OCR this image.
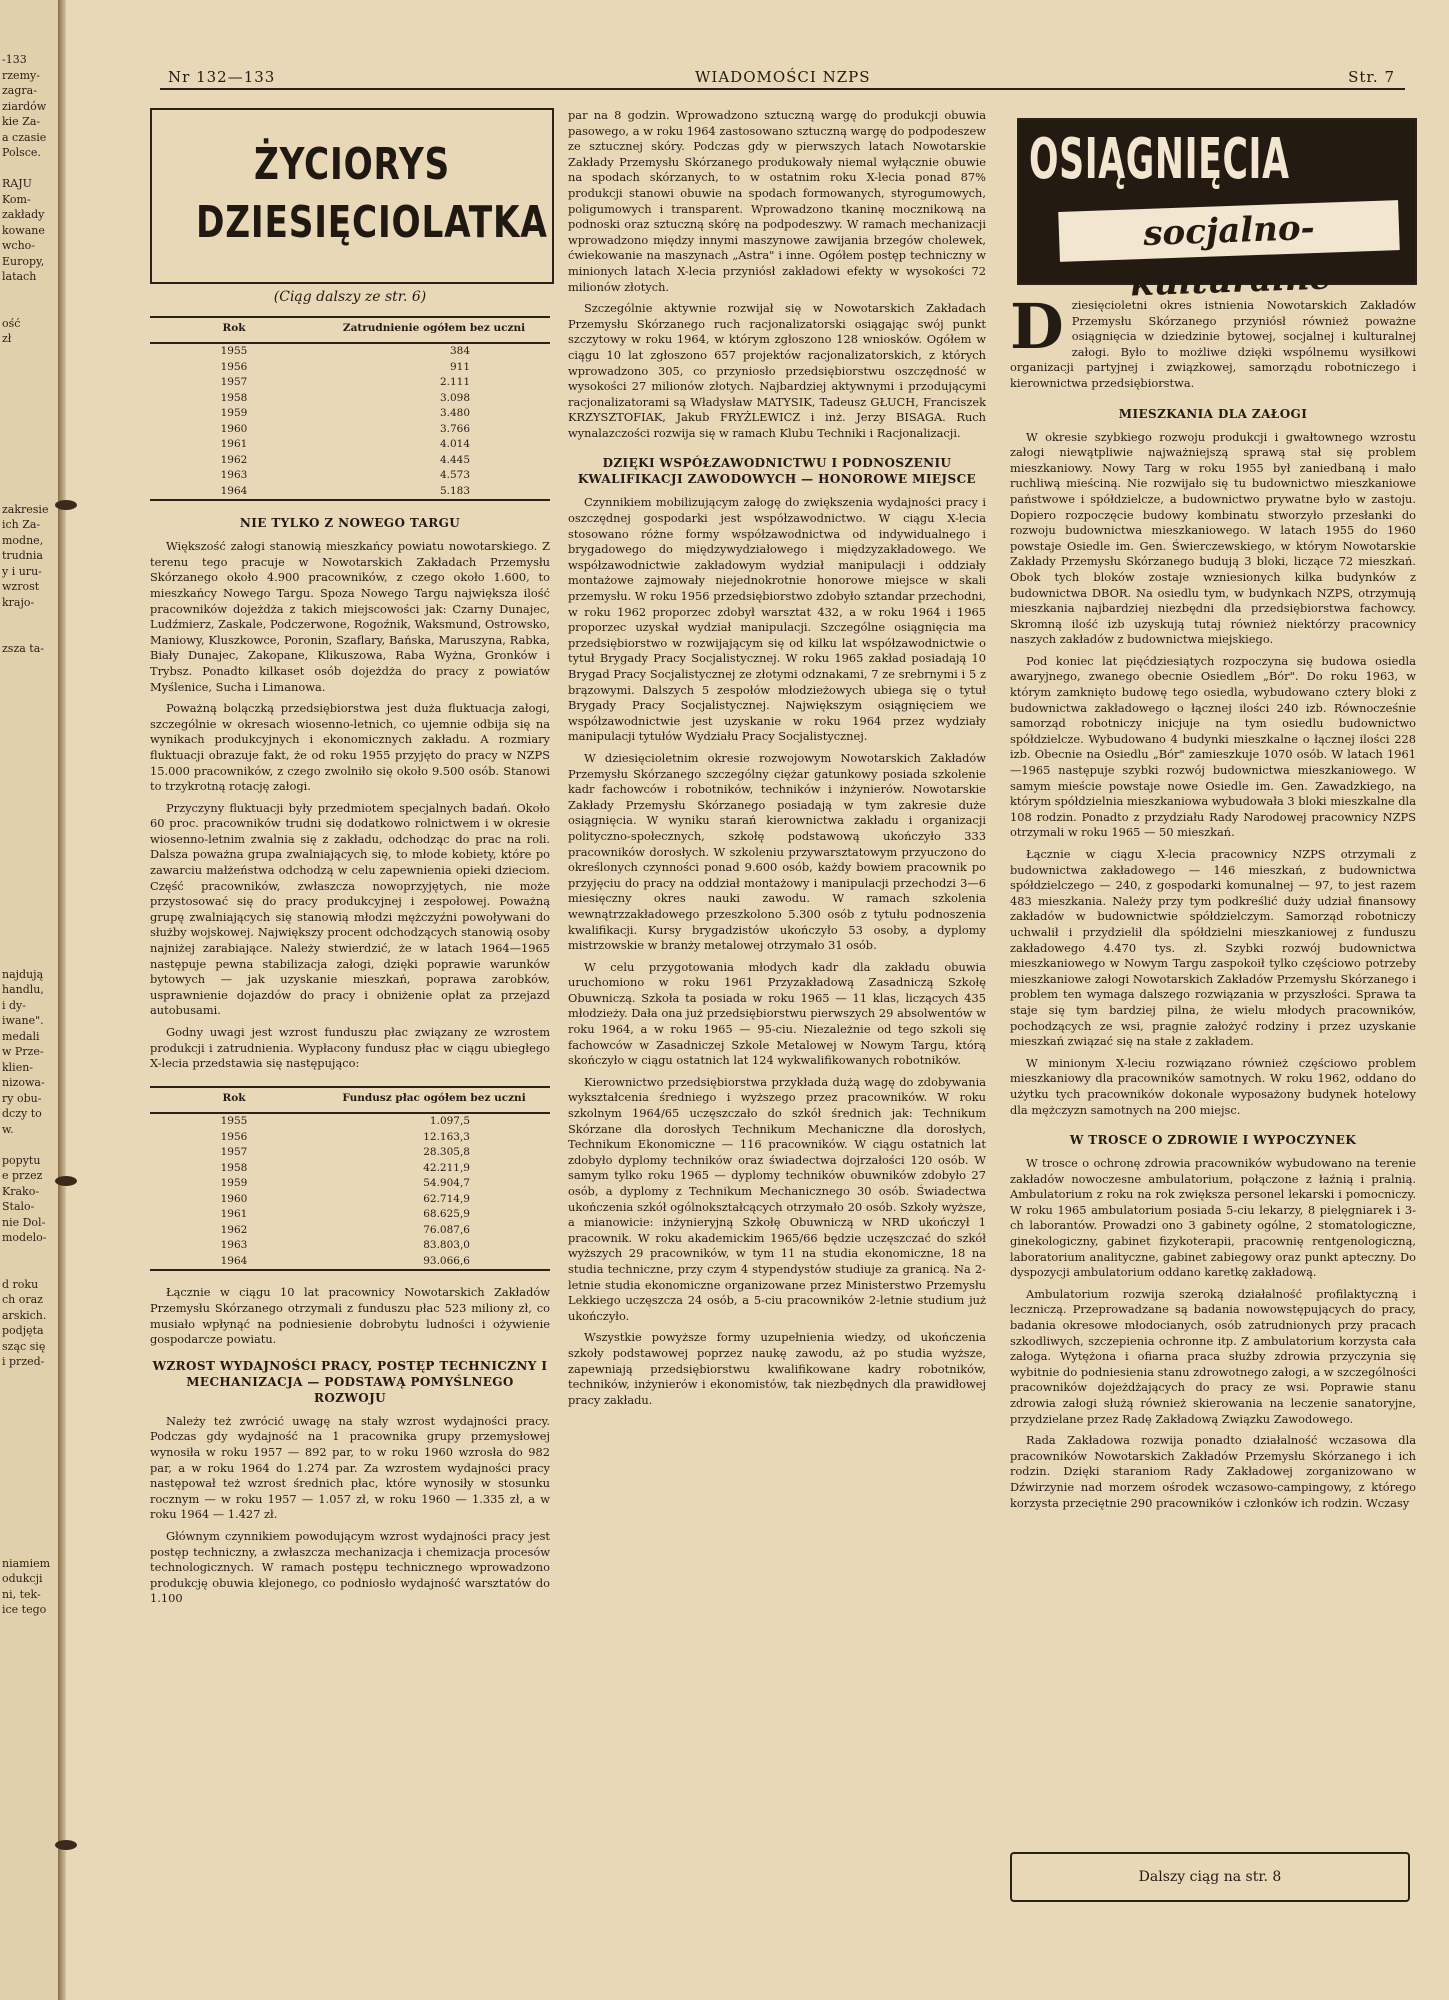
-133
rzemy-
zagra-
ziardów
kie Za-
a czasie
Polsce.

RAJU
Kom-
zakłady
kowane
wcho-
Europy,
latach

ość
zł

zakresie
ich Za-
modne,
trudnia
y i uru-
wzrost
krajo-

zsza ta-

najdują
handlu,
i dy-
iwane".
medali
w Prze-
klien-
nizowa-
ry obu-
dczy to
w.

popytu
e przez
Krako-
Stalo-
nie Dol-
modelo-

d roku
ch oraz
arskich.
podjęta
sząc się
i przed-

niamiem
odukcji
ni, tek-
ice tego
Nr 132—133	WIADOMOŚCI NZPS	Str. 7
ŻYCIORYS
DZIESIĘCIOLATKA
(Ciąg dalszy ze str. 6)
Rok	Zatrudnienie ogółem bez uczni
1955	384
1956	911
1957	2.111
1958	3.098
1959	3.480
1960	3.766
1961	4.014
1962	4.445
1963	4.573
1964	5.183
NIE TYLKO Z NOWEGO TARGU

Większość załogi stanowią mieszkańcy powiatu nowotarskiego. Z terenu tego pracuje w Nowotarskich Zakładach Przemysłu Skórzanego około 4.900 pracowników, z czego około 1.600, to mieszkańcy Nowego Targu. Spoza Nowego Targu największa ilość pracowników dojeżdża z takich miejscowości jak: Czarny Dunajec, Ludźmierz, Zaskale, Podczerwone, Rogoźnik, Waksmund, Ostrowsko, Maniowy, Kluszkowce, Poronin, Szaflary, Bańska, Maruszyna, Rabka, Biały Dunajec, Zakopane, Klikuszowa, Raba Wyżna, Gronków i Trybsz. Ponadto kilkaset osób dojeżdża do pracy z powiatów Myślenice, Sucha i Limanowa.

Poważną bolączką przedsiębiorstwa jest duża fluktuacja załogi, szczególnie w okresach wiosenno-letnich, co ujemnie odbija się na wynikach produkcyjnych i ekonomicznych zakładu. A rozmiary fluktuacji obrazuje fakt, że od roku 1955 przyjęto do pracy w NZPS 15.000 pracowników, z czego zwolniło się około 9.500 osób. Stanowi to trzykrotną rotację załogi.

Przyczyny fluktuacji były przedmiotem specjalnych badań. Około 60 proc. pracowników trudni się dodatkowo rolnictwem i w okresie wiosenno-letnim zwalnia się z zakładu, odchodząc do prac na roli. Dalsza poważna grupa zwalniających się, to młode kobiety, które po zawarciu małżeństwa odchodzą w celu zapewnienia opieki dzieciom. Część pracowników, zwłaszcza nowoprzyjętych, nie może przystosować się do pracy produkcyjnej i zespołowej. Poważną grupę zwalniających się stanowią młodzi mężczyźni powoływani do służby wojskowej. Największy procent odchodzących stanowią osoby najniżej zarabiające. Należy stwierdzić, że w latach 1964—1965 następuje pewna stabilizacja załogi, dzięki poprawie warunków bytowych — jak uzyskanie mieszkań, poprawa zarobków, usprawnienie dojazdów do pracy i obniżenie opłat za przejazd autobusami.

Godny uwagi jest wzrost funduszu płac związany ze wzrostem produkcji i zatrudnienia. Wypłacony fundusz płac w ciągu ubiegłego X-lecia przedstawia się następująco:

Rok	Fundusz płac ogółem bez uczni
1955	1.097,5
1956	12.163,3
1957	28.305,8
1958	42.211,9
1959	54.904,7
1960	62.714,9
1961	68.625,9
1962	76.087,6
1963	83.803,0
1964	93.066,6

Łącznie w ciągu 10 lat pracownicy Nowotarskich Zakładów Przemysłu Skórzanego otrzymali z funduszu płac 523 miliony zł, co musiało wpłynąć na podniesienie dobrobytu ludności i ożywienie gospodarcze powiatu.

WZROST WYDAJNOŚCI PRACY, POSTĘP TECHNICZNY I MECHANIZACJA — PODSTAWĄ POMYŚLNEGO ROZWOJU

Należy też zwrócić uwagę na stały wzrost wydajności pracy. Podczas gdy wydajność na 1 pracownika grupy przemysłowej wynosiła w roku 1957 — 892 par, to w roku 1960 wzrosła do 982 par, a w roku 1964 do 1.274 par. Za wzrostem wydajności pracy następował też wzrost średnich płac, które wynosiły w stosunku rocznym — w roku 1957 — 1.057 zł, w roku 1960 — 1.335 zł, a w roku 1964 — 1.427 zł.

Głównym czynnikiem powodującym wzrost wydajności pracy jest postęp techniczny, a zwłaszcza mechanizacja i chemizacja procesów technologicznych. W ramach postępu technicznego wprowadzono produkcję obuwia klejonego, co podniosło wydajność warsztatów do 1.100

par na 8 godzin. Wprowadzono sztuczną wargę do produkcji obuwia pasowego, a w roku 1964 zastosowano sztuczną wargę do podpodeszew ze sztucznej skóry. Podczas gdy w pierwszych latach Nowotarskie Zakłady Przemysłu Skórzanego produkowały niemal wyłącznie obuwie na spodach skórzanych, to w ostatnim roku X-lecia ponad 87% produkcji stanowi obuwie na spodach formowanych, styrogumowych, poligumowych i transparent. Wprowadzono tkaninę mocznikową na podnoski oraz sztuczną skórę na podpodeszwy. W ramach mechanizacji wprowadzono między innymi maszynowe zawijania brzegów cholewek, ćwiekowanie na maszynach „Astra" i inne. Ogółem postęp techniczny w minionych latach X-lecia przyniósł zakładowi efekty w wysokości 72 milionów złotych.

Szczególnie aktywnie rozwijał się w Nowotarskich Zakładach Przemysłu Skórzanego ruch racjonalizatorski osiągając swój punkt szczytowy w roku 1964, w którym zgłoszono 128 wniosków. Ogółem w ciągu 10 lat zgłoszono 657 projektów racjonalizatorskich, z których wprowadzono 305, co przyniosło przedsiębiorstwu oszczędność w wysokości 27 milionów złotych. Najbardziej aktywnymi i przodującymi racjonalizatorami są Władysław MATYSIK, Tadeusz GŁUCH, Franciszek KRZYSZTOFIAK, Jakub FRYŻLEWICZ i inż. Jerzy BISAGA. Ruch wynalazczości rozwija się w ramach Klubu Techniki i Racjonalizacji.

DZIĘKI WSPÓŁZAWODNICTWU I PODNOSZENIU KWALIFIKACJI ZAWODOWYCH — HONOROWE MIEJSCE

Czynnikiem mobilizującym załogę do zwiększenia wydajności pracy i oszczędnej gospodarki jest współzawodnictwo. W ciągu X-lecia stosowano różne formy współzawodnictwa od indywidualnego i brygadowego do międzywydziałowego i międzyzakładowego. We współzawodnictwie zakładowym wydział manipulacji i oddziały montażowe zajmowały niejednokrotnie honorowe miejsce w skali przemysłu. W roku 1956 przedsiębiorstwo zdobyło sztandar przechodni, w roku 1962 proporzec zdobył warsztat 432, a w roku 1964 i 1965 proporzec uzyskał wydział manipulacji. Szczególne osiągnięcia ma przedsiębiorstwo w rozwijającym się od kilku lat współzawodnictwie o tytuł Brygady Pracy Socjalistycznej. W roku 1965 zakład posiadają 10 Brygad Pracy Socjalistycznej ze złotymi odznakami, 7 ze srebrnymi i 5 z brązowymi. Dalszych 5 zespołów młodzieżowych ubiega się o tytuł Brygady Pracy Socjalistycznej. Największym osiągnięciem we współzawodnictwie jest uzyskanie w roku 1964 przez wydziały manipulacji tytułów Wydziału Pracy Socjalistycznej.

W dziesięcioletnim okresie rozwojowym Nowotarskich Zakładów Przemysłu Skórzanego szczególny ciężar gatunkowy posiada szkolenie kadr fachowców i robotników, techników i inżynierów. Nowotarskie Zakłady Przemysłu Skórzanego posiadają w tym zakresie duże osiągnięcia. W wyniku starań kierownictwa zakładu i organizacji polityczno-społecznych, szkołę podstawową ukończyło 333 pracowników dorosłych. W szkoleniu przywarsztatowym przyuczono do określonych czynności ponad 9.600 osób, każdy bowiem pracownik po przyjęciu do pracy na oddział montażowy i manipulacji przechodzi 3—6 miesięczny okres nauki zawodu. W ramach szkolenia wewnątrzzakładowego przeszkolono 5.300 osób z tytułu podnoszenia kwalifikacji. Kursy brygadzistów ukończyło 53 osoby, a dyplomy mistrzowskie w branży metalowej otrzymało 31 osób.

W celu przygotowania młodych kadr dla zakładu obuwia uruchomiono w roku 1961 Przyzakładową Zasadniczą Szkołę Obuwniczą. Szkoła ta posiada w roku 1965 — 11 klas, liczących 435 młodzieży. Dała ona już przedsiębiorstwu pierwszych 29 absolwentów w roku 1964, a w roku 1965 — 95-ciu. Niezależnie od tego szkoli się fachowców w Zasadniczej Szkole Metalowej w Nowym Targu, którą skończyło w ciągu ostatnich lat 124 wykwalifikowanych robotników.

Kierownictwo przedsiębiorstwa przykłada dużą wagę do zdobywania wykształcenia średniego i wyższego przez pracowników. W roku szkolnym 1964/65 uczęszczało do szkół średnich jak: Technikum Skórzane dla dorosłych Technikum Mechaniczne dla dorosłych, Technikum Ekonomiczne — 116 pracowników. W ciągu ostatnich lat zdobyło dyplomy techników oraz świadectwa dojrzałości 120 osób. W samym tylko roku 1965 — dyplomy techników obuwników zdobyło 27 osób, a dyplomy z Technikum Mechanicznego 30 osób. Świadectwa ukończenia szkół ogólnokształcących otrzymało 20 osób. Szkoły wyższe, a mianowicie: inżynieryjną Szkołę Obuwniczą w NRD ukończył 1 pracownik. W roku akademickim 1965/66 będzie uczęszczać do szkół wyższych 29 pracowników, w tym 11 na studia ekonomiczne, 18 na studia techniczne, przy czym 4 stypendystów studiuje za granicą. Na 2-letnie studia ekonomiczne organizowane przez Ministerstwo Przemysłu Lekkiego uczęszcza 24 osób, a 5-ciu pracowników 2-letnie studium już ukończyło.

Wszystkie powyższe formy uzupełnienia wiedzy, od ukończenia szkoły podstawowej poprzez naukę zawodu, aż po studia wyższe, zapewniają przedsiębiorstwu kwalifikowane kadry robotników, techników, inżynierów i ekonomistów, tak niezbędnych dla prawidłowej pracy zakładu.

OSIĄGNIĘCIA
socjalno-kulturalne

Dziesięcioletni okres istnienia Nowotarskich Zakładów Przemysłu Skórzanego przyniósł również poważne osiągnięcia w dziedzinie bytowej, socjalnej i kulturalnej załogi. Było to możliwe dzięki wspólnemu wysiłkowi organizacji partyjnej i związkowej, samorządu robotniczego i kierownictwa przedsiębiorstwa.

MIESZKANIA DLA ZAŁOGI

W okresie szybkiego rozwoju produkcji i gwałtownego wzrostu załogi niewątpliwie najważniejszą sprawą stał się problem mieszkaniowy. Nowy Targ w roku 1955 był zaniedbaną i mało ruchliwą mieściną. Nie rozwijało się tu budownictwo mieszkaniowe państwowe i spółdzielcze, a budownictwo prywatne było w zastoju. Dopiero rozpoczęcie budowy kombinatu stworzyło przesłanki do rozwoju budownictwa mieszkaniowego. W latach 1955 do 1960 powstaje Osiedle im. Gen. Świerczewskiego, w którym Nowotarskie Zakłady Przemysłu Skórzanego budują 3 bloki, liczące 72 mieszkań. Obok tych bloków zostaje wzniesionych kilka budynków z budownictwa DBOR. Na osiedlu tym, w budynkach NZPS, otrzymują mieszkania najbardziej niezbędni dla przedsiębiorstwa fachowcy. Skromną ilość izb uzyskują tutaj również niektórzy pracownicy naszych zakładów z budownictwa miejskiego.

Pod koniec lat pięćdziesiątych rozpoczyna się budowa osiedla awaryjnego, zwanego obecnie Osiedlem „Bór". Do roku 1963, w którym zamknięto budowę tego osiedla, wybudowano cztery bloki z budownictwa zakładowego o łącznej ilości 240 izb. Równocześnie samorząd robotniczy inicjuje na tym osiedlu budownictwo spółdzielcze. Wybudowano 4 budynki mieszkalne o łącznej ilości 228 izb. Obecnie na Osiedlu „Bór" zamieszkuje 1070 osób. W latach 1961—1965 następuje szybki rozwój budownictwa mieszkaniowego. W samym mieście powstaje nowe Osiedle im. Gen. Zawadzkiego, na którym spółdzielnia mieszkaniowa wybudowała 3 bloki mieszkalne dla 108 rodzin. Ponadto z przydziału Rady Narodowej pracownicy NZPS otrzymali w roku 1965 — 50 mieszkań.

Łącznie w ciągu X-lecia pracownicy NZPS otrzymali z budownictwa zakładowego — 146 mieszkań, z budownictwa spółdzielczego — 240, z gospodarki komunalnej — 97, to jest razem 483 mieszkania. Należy przy tym podkreślić duży udział finansowy zakładów w budownictwie spółdzielczym. Samorząd robotniczy uchwalił i przydzielił dla spółdzielni mieszkaniowej z funduszu zakładowego 4.470 tys. zł. Szybki rozwój budownictwa mieszkaniowego w Nowym Targu zaspokoił tylko częściowo potrzeby mieszkaniowe załogi Nowotarskich Zakładów Przemysłu Skórzanego i problem ten wymaga dalszego rozwiązania w przyszłości. Sprawa ta staje się tym bardziej pilna, że wielu młodych pracowników, pochodzących ze wsi, pragnie założyć rodziny i przez uzyskanie mieszkań związać się na stałe z zakładem.

W minionym X-leciu rozwiązano również częściowo problem mieszkaniowy dla pracowników samotnych. W roku 1962, oddano do użytku tych pracowników dokonale wyposażony budynek hotelowy dla mężczyzn samotnych na 200 miejsc.

W TROSCE O ZDROWIE I WYPOCZYNEK

W trosce o ochronę zdrowia pracowników wybudowano na terenie zakładów nowoczesne ambulatorium, połączone z łaźnią i pralnią. Ambulatorium z roku na rok zwiększa personel lekarski i pomocniczy. W roku 1965 ambulatorium posiada 5-ciu lekarzy, 8 pielęgniarek i 3-ch laborantów. Prowadzi ono 3 gabinety ogólne, 2 stomatologiczne, ginekologiczny, gabinet fizykoterapii, pracownię rentgenologiczną, laboratorium analityczne, gabinet zabiegowy oraz punkt apteczny. Do dyspozycji ambulatorium oddano karetkę zakładową.

Ambulatorium rozwija szeroką działalność profilaktyczną i leczniczą. Przeprowadzane są badania nowowstępujących do pracy, badania okresowe młodocianych, osób zatrudnionych przy pracach szkodliwych, szczepienia ochronne itp. Z ambulatorium korzysta cała załoga. Wytężona i ofiarna praca służby zdrowia przyczynia się wybitnie do podniesienia stanu zdrowotnego załogi, a w szczególności pracowników dojeżdżających do pracy ze wsi. Poprawie stanu zdrowia załogi służą również skierowania na leczenie sanatoryjne, przydzielane przez Radę Zakładową Związku Zawodowego.

Rada Zakładowa rozwija ponadto działalność wczasowa dla pracowników Nowotarskich Zakładów Przemysłu Skórzanego i ich rodzin. Dzięki staraniom Rady Zakładowej zorganizowano w Dźwirzynie nad morzem ośrodek wczasowo-campingowy, z którego korzysta przeciętnie 290 pracowników i członków ich rodzin. Wczasy

Dalszy ciąg na str. 8
